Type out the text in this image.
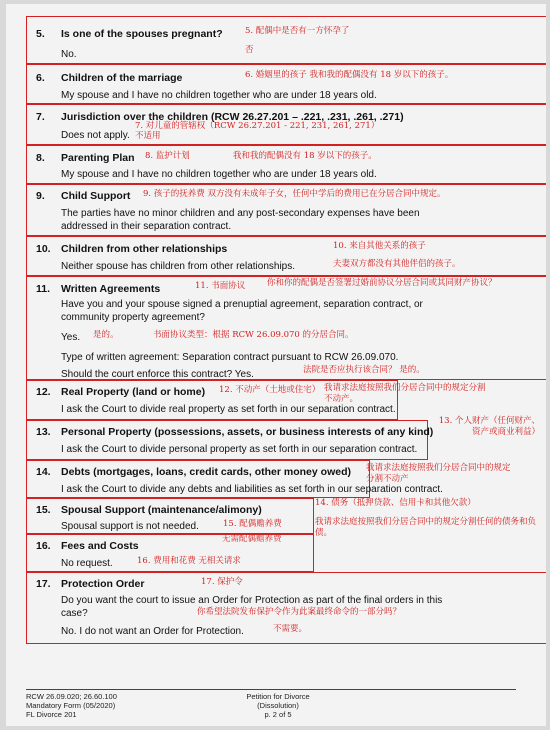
5. Is one of the spouses pregnant?	5. 配偶中是否有一方怀孕了
No.	否
6. Children of the marriage	6. 婚姻里的孩子 我和我的配偶没有 18 岁以下的孩子。
My spouse and I have no children together who are under 18 years old.
7. Jurisdiction over the children (RCW 26.27.201 – .221, .231, .261, .271)
7. 对儿童的管辖权（RCW 26.27.201 - 221, 231, 261, 271）
Does not apply. 不适用
8. Parenting Plan 8. 监护计划	我和我的配偶没有 18 岁以下的孩子。
My spouse and I have no children together who are under 18 years old.
9. Child Support 9. 孩子的抚养费 双方没有未成年子女，任何中学后的费用已在分居合同中规定。
The parties have no minor children and any post-secondary expenses have been
addressed in their separation contract.
10. Children from other relationships	10. 来自其他关系的孩子
Neither spouse has children from other relationships.	夫妻双方都没有其他伴侣的孩子。
11. Written Agreements	11. 书面协议	你和你的配偶是否签署过婚前协议分居合同或其同财产协议？
Have you and your spouse signed a prenuptial agreement, separation contract, or
community property agreement?
Yes. 是的。	书面协议类型：根据 RCW 26.09.070 的分居合同。
Type of written agreement: Separation contract pursuant to RCW 26.09.070.
Should the court enforce this contract? Yes.	法院是否应执行该合同？ 是的。
12. Real Property (land or home) 12. 不动产（土地或住宅）
I ask the Court to divide real property as set forth in our separation contract.
我请求法庭按照我们分居合同中的规定分割不动产。
13. Personal Property (possessions, assets, or business interests of any kind)
I ask the Court to divide personal property as set forth in our separation contract.
13. 个人财产（任何财产、资产或商业利益）
我请求法庭按照我们分居合同中的规定分割不动产
14. Debts (mortgages, loans, credit cards, other money owed)
I ask the Court to divide any debts and liabilities as set forth in our separation contract.
14. 债务（抵押贷款、信用卡和其他欠款）
我请求法庭按照我们分居合同中的规定分割任何的债务和负债。
15. Spousal Support (maintenance/alimony)
Spousal support is not needed.	15. 配偶赡养费
无需配偶赡养费
16. Fees and Costs
No request.	16. 费用和花费 无相关请求
17. Protection Order	17. 保护令
Do you want the court to issue an Order for Protection as part of the final orders in this
case?	你希望法院发布保护令作为此案最终命令的一部分吗？
No. I do not want an Order for Protection.	不需要。
RCW 26.09.020; 26.60.100
Mandatory Form (05/2020)
FL Divorce 201
Petition for Divorce
(Dissolution)
p. 2 of 5
